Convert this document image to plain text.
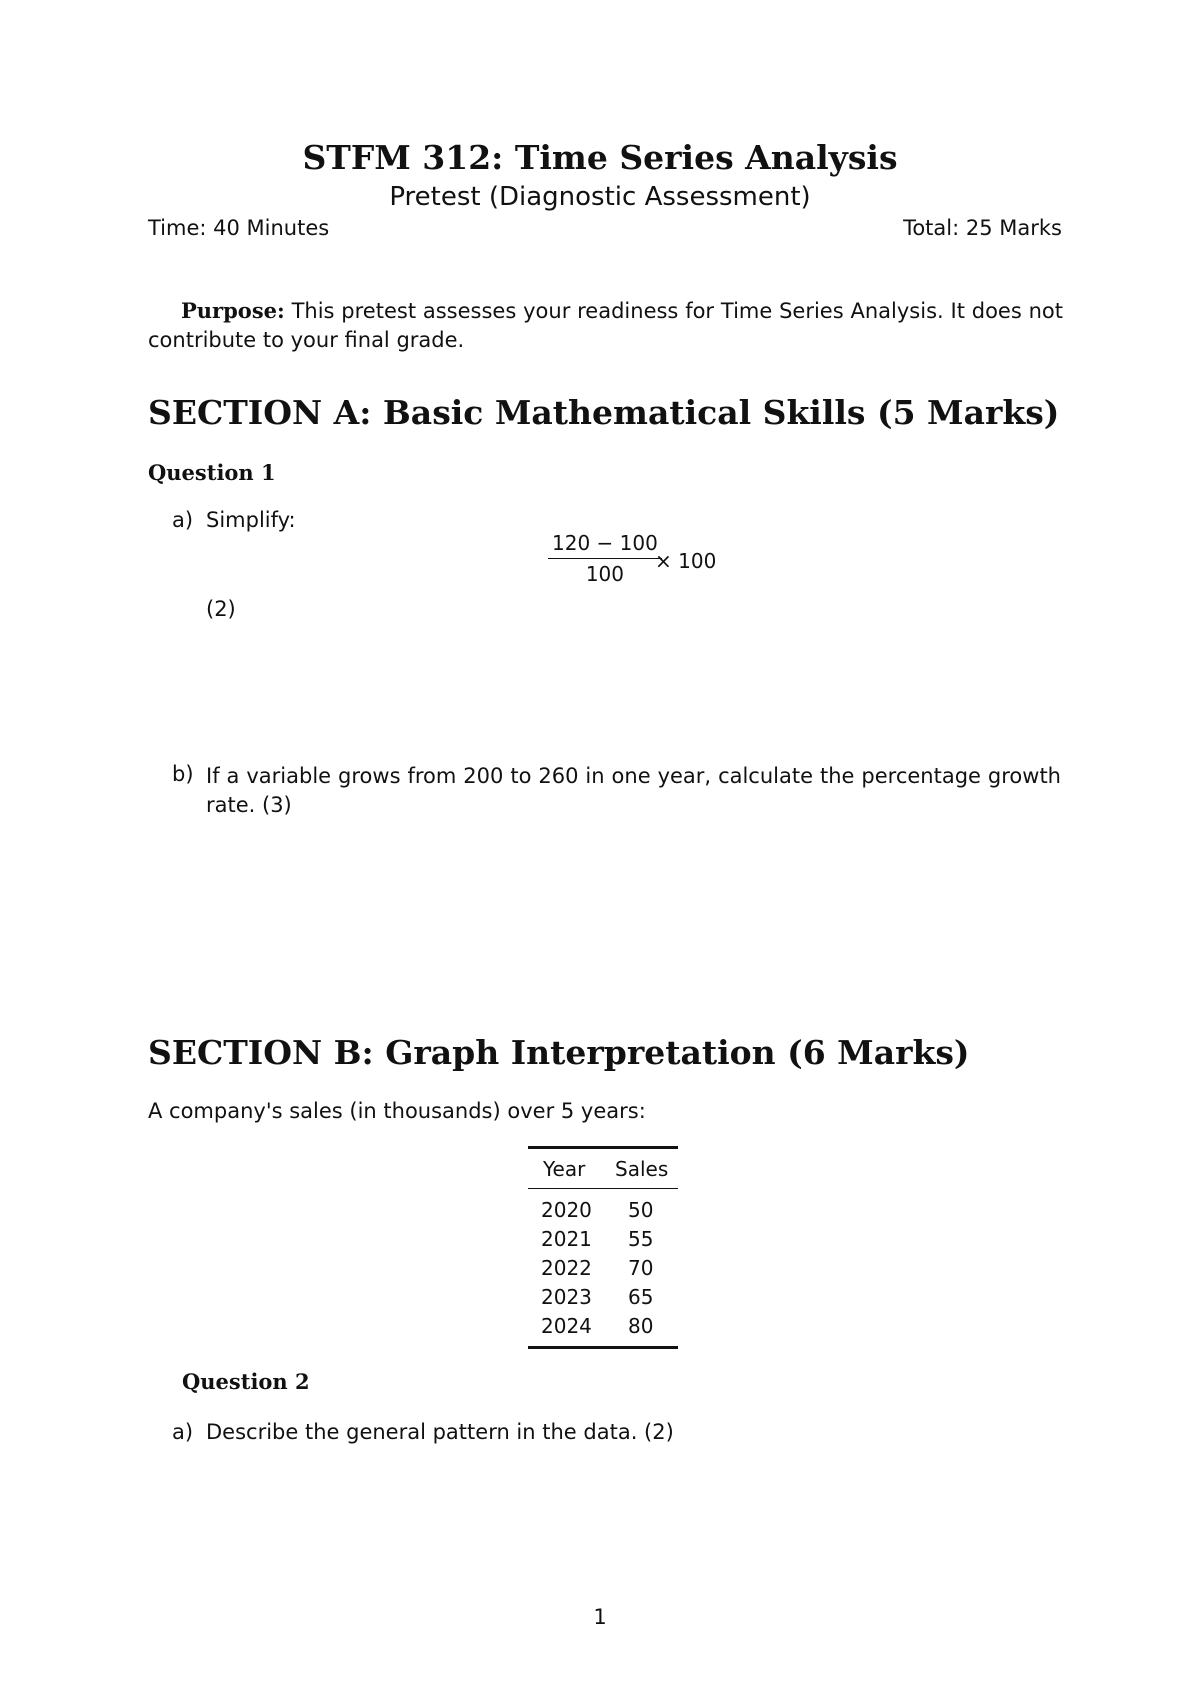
STFM 312: Time Series Analysis
Pretest (Diagnostic Assessment)
Time: 40 Minutes	Total: 25 Marks
Purpose: This pretest assesses your readiness for Time Series Analysis. It does not contribute to your final grade.
SECTION A: Basic Mathematical Skills (5 Marks)
Question 1
a) Simplify:
$\frac{120 - 100}{100}$
× 100
(2)
b) If a variable grows from 200 to 260 in one year, calculate the percentage growth rate. (3)
SECTION B: Graph Interpretation (6 Marks)
A company's sales (in thousands) over 5 years:
Year Sales
2020 50
2021 55
2022 70
2023 65
2024 80
Question 2
a) Describe the general pattern in the data. (2)
1
